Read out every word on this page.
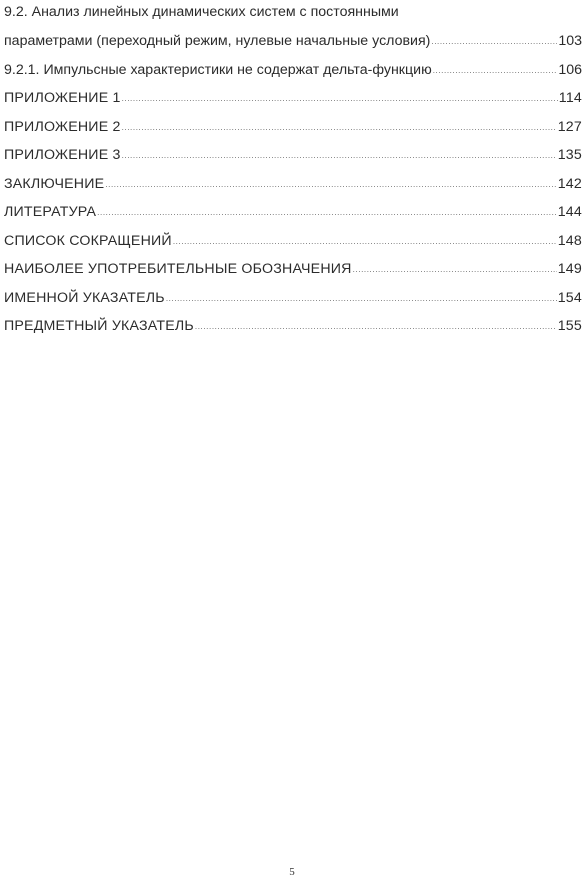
9.2. Анализ линейных динамических систем с постоянными
параметрами (переходный режим, нулевые начальные условия) .....	103
9.2.1. Импульсные характеристики не содержат дельта-функцию .....	106
ПРИЛОЖЕНИЕ 1 .....	114
ПРИЛОЖЕНИЕ 2 .....	127
ПРИЛОЖЕНИЕ 3 .....	135
ЗАКЛЮЧЕНИЕ .....	142
ЛИТЕРАТУРА .....	144
СПИСОК СОКРАЩЕНИЙ .....	148
НАИБОЛЕЕ УПОТРЕБИТЕЛЬНЫЕ ОБОЗНАЧЕНИЯ .....	149
ИМЕННОЙ УКАЗАТЕЛЬ .....	154
ПРЕДМЕТНЫЙ УКАЗАТЕЛЬ .....	155
5
